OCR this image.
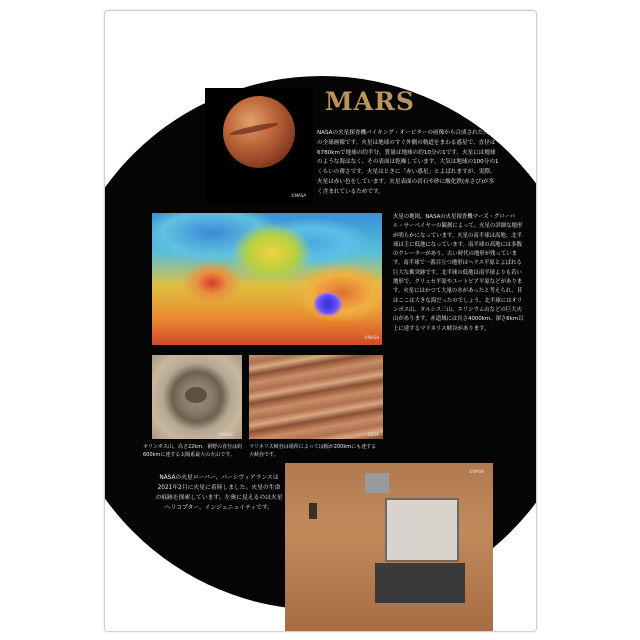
©NASA
MARS

NASAの火星探査機バイキング・オービターの画像から合成された火星の全球画像です。火星は地球のすぐ外側の軌道をまわる惑星で、直径は6780kmで地球の約半分、質量は地球の約10分の1です。火星には地球のような海はなく、その表面は乾燥しています。大気は地球の100分の1くらいの薄さです。火星はときに「赤い惑星」とよばれますが、実際、火星は赤い色をしています。火星表面の岩石や砂に酸化鉄(赤さび)が多く含まれているためです。

©NASA

火星の地図。NASAの火星探査機マーズ・グローバル・サーベイヤーの観測によって、火星の詳細な地形が明らかになっています。火星の南半球は高地、北半球は主に低地になっています。南半球の高地には多数のクレーターがあり、古い時代の地形が残っています。南半球で一番目立つ地形はヘラス平原とよばれる巨大な衝突跡です。北半球の低地は南半球よりも若い地形で、クリュセ平原やユートピア平原などがあります。火星にはかつて大量の水があったと考えられ、昔はここは大きな海だったのでしょう。北半球にはオリンポス山、タルシス三山、エリシウム山などの巨大火山があります。赤道域には長さ4000km、深さ6km以上に達するマリネリス峡谷があります。

©NASA	©ESA

オリンポス山。高さ22km、裾野の直径は約600kmに達する太陽系最大の火山です。

マリネリス峡谷は場所によっては幅が200kmにも達する大峡谷です。

NASAの火星ローバー、パーシヴィアランスは2021年2月に火星に着陸しました。火星の生命の痕跡を探索しています。左奥に見えるのは火星ヘリコプター、インジェニュイティです。

©NASA
